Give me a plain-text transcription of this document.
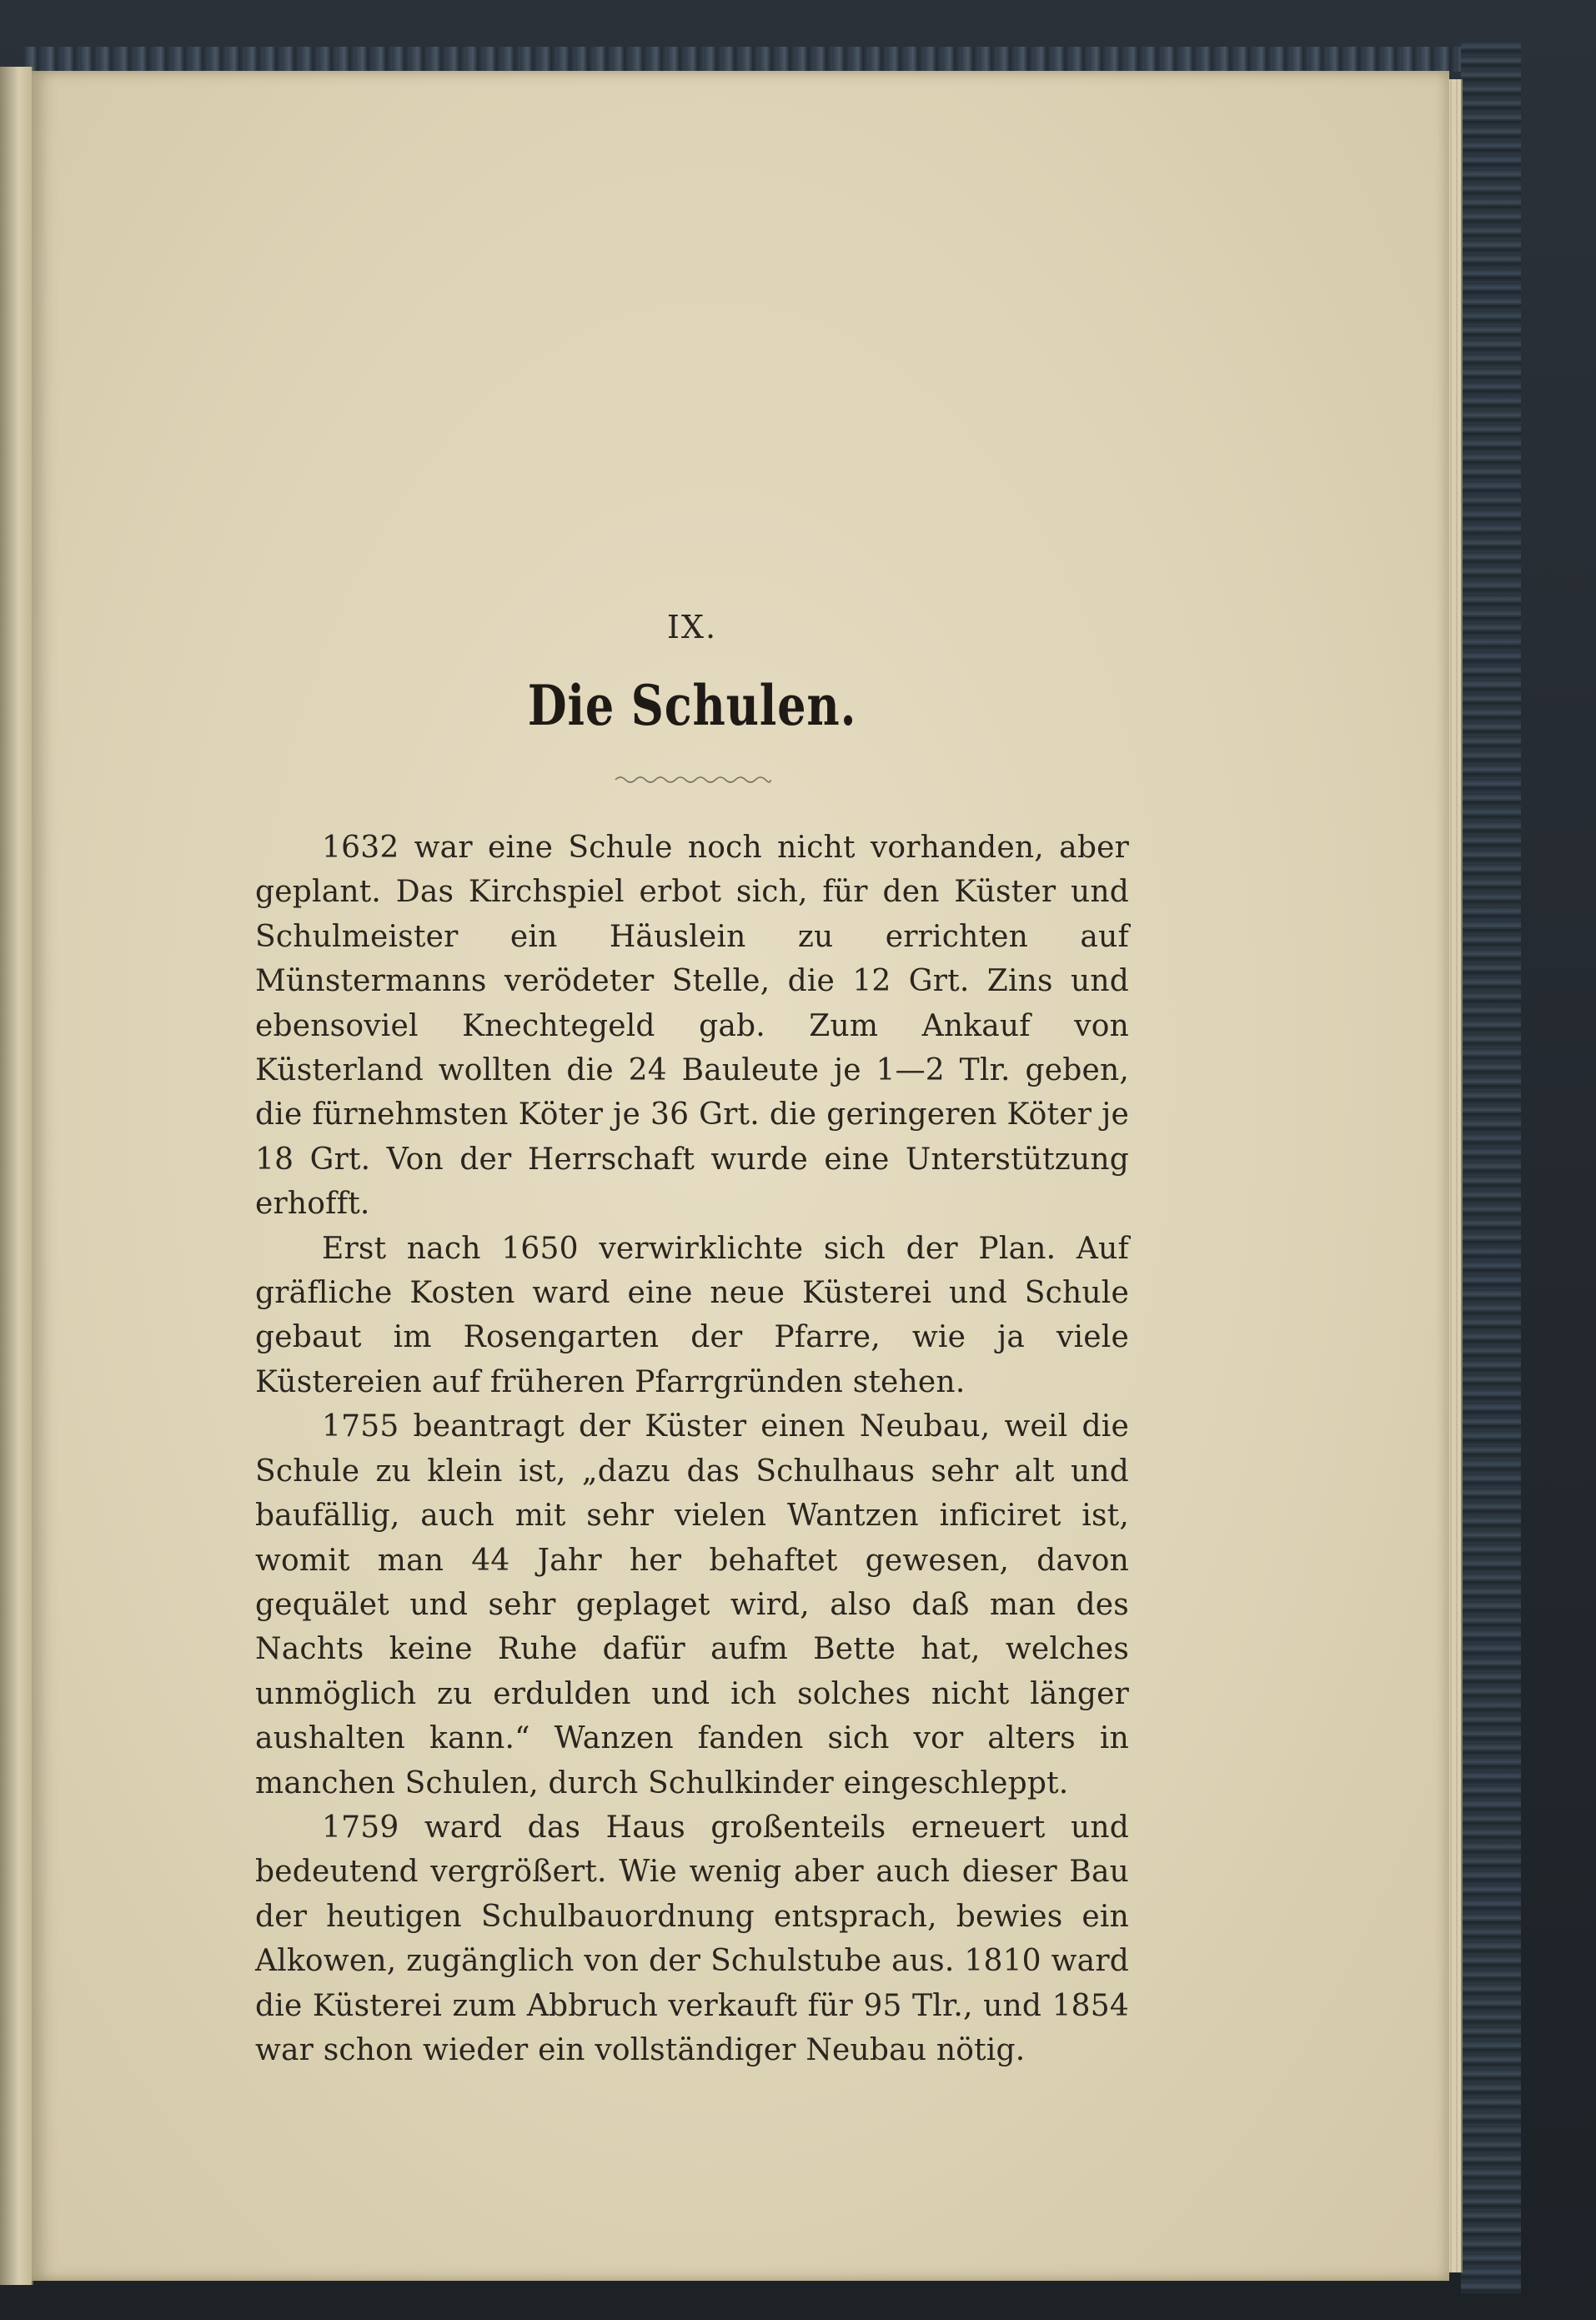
IX.
Die Schulen.

1632 war eine Schule noch nicht vorhanden, aber geplant. Das Kirchspiel erbot sich, für den Küster und Schulmeister ein Häuslein zu errichten auf Münstermanns verödeter Stelle, die 12 Grt. Zins und ebensoviel Knechtegeld gab. Zum Ankauf von Küsterland wollten die 24 Bauleute je 1—2 Tlr. geben, die fürnehmsten Köter je 36 Grt. die geringeren Köter je 18 Grt. Von der Herrschaft wurde eine Unterstützung erhofft.

Erst nach 1650 verwirklichte sich der Plan. Auf gräfliche Kosten ward eine neue Küsterei und Schule gebaut im Rosengarten der Pfarre, wie ja viele Küstereien auf früheren Pfarrgründen stehen.

1755 beantragt der Küster einen Neubau, weil die Schule zu klein ist, „dazu das Schulhaus sehr alt und baufällig, auch mit sehr vielen Wantzen inficiret ist, womit man 44 Jahr her behaftet gewesen, davon gequälet und sehr geplaget wird, also daß man des Nachts keine Ruhe dafür aufm Bette hat, welches unmöglich zu erdulden und ich solches nicht länger aushalten kann.“ Wanzen fanden sich vor alters in manchen Schulen, durch Schulkinder eingeschleppt.

1759 ward das Haus großenteils erneuert und bedeutend vergrößert. Wie wenig aber auch dieser Bau der heutigen Schulbauordnung entsprach, bewies ein Alkowen, zugänglich von der Schulstube aus. 1810 ward die Küsterei zum Abbruch verkauft für 95 Tlr., und 1854 war schon wieder ein vollständiger Neubau nötig.
